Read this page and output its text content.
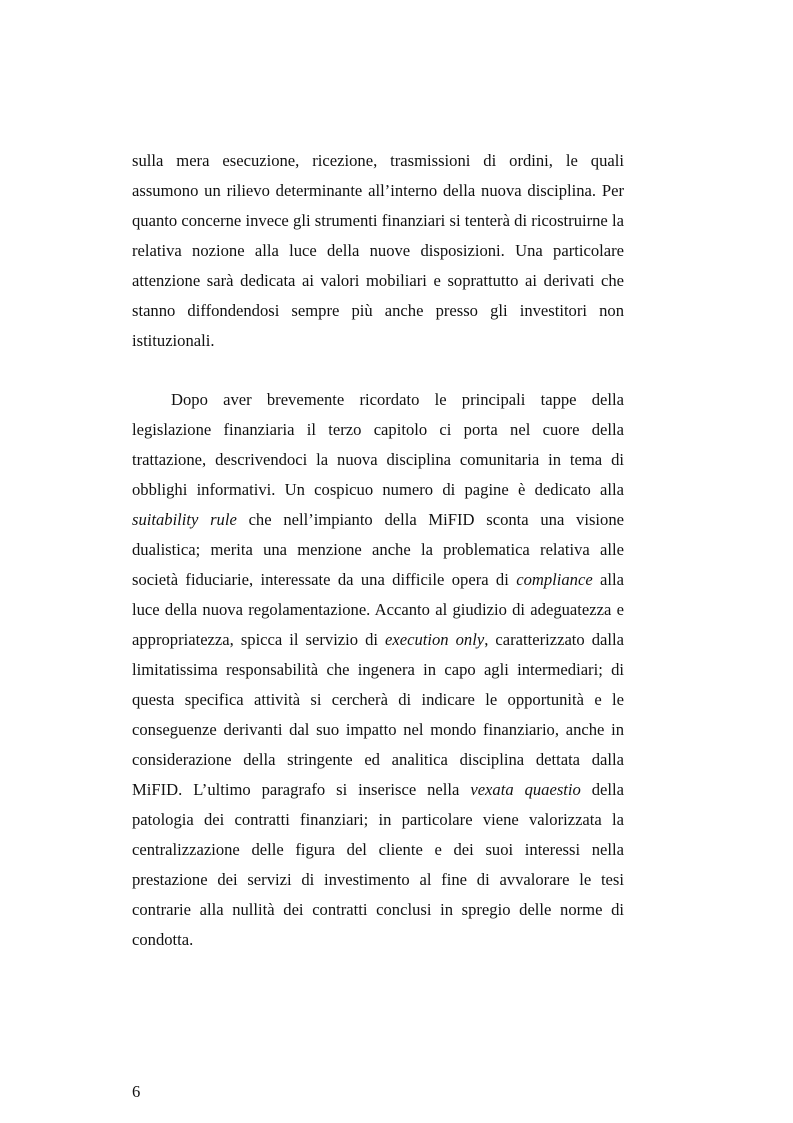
sulla mera esecuzione, ricezione, trasmissioni di ordini, le quali assumono un rilievo determinante all’interno della nuova disciplina. Per quanto concerne invece gli strumenti finanziari si tenterà di ricostruirne la relativa nozione alla luce della nuove disposizioni. Una particolare attenzione sarà dedicata ai valori mobiliari e soprattutto ai derivati che stanno diffondendosi sempre più anche presso gli investitori non istituzionali.

Dopo aver brevemente ricordato le principali tappe della legislazione finanziaria il terzo capitolo ci porta nel cuore della trattazione, descrivendoci la nuova disciplina comunitaria in tema di obblighi informativi. Un cospicuo numero di pagine è dedicato alla suitability rule che nell’impianto della MiFID sconta una visione dualistica; merita una menzione anche la problematica relativa alle società fiduciarie, interessate da una difficile opera di compliance alla luce della nuova regolamentazione. Accanto al giudizio di adeguatezza e appropriatezza, spicca il servizio di execution only, caratterizzato dalla limitatissima responsabilità che ingenera in capo agli intermediari; di questa specifica attività si cercherà di indicare le opportunità e le conseguenze derivanti dal suo impatto nel mondo finanziario, anche in considerazione della stringente ed analitica disciplina dettata dalla MiFID. L’ultimo paragrafo si inserisce nella vexata quaestio della patologia dei contratti finanziari; in particolare viene valorizzata la centralizzazione delle figura del cliente e dei suoi interessi nella prestazione dei servizi di investimento al fine di avvalorare le tesi contrarie alla nullità dei contratti conclusi in spregio delle norme di condotta.

6
